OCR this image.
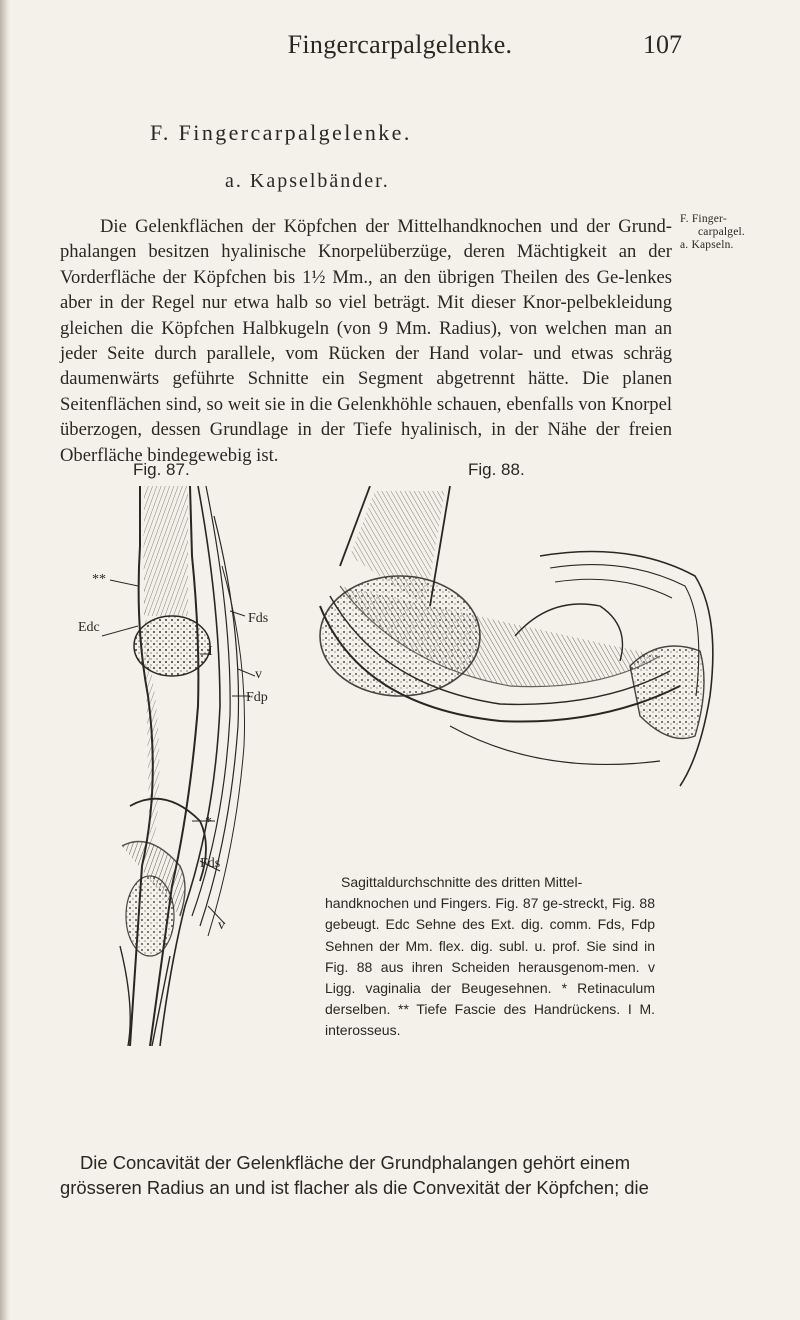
Fingercarpalgelenke.	107
F. Fingercarpalgelenke.
a. Kapselbänder.

Die Gelenkflächen der Köpfchen der Mittelhandknochen und der Grund-phalangen besitzen hyalinische Knorpelüberzüge, deren Mächtigkeit an der Vorderfläche der Köpfchen bis 1½ Mm., an den übrigen Theilen des Ge-lenkes aber in der Regel nur etwa halb so viel beträgt. Mit dieser Knor-pelbekleidung gleichen die Köpfchen Halbkugeln (von 9 Mm. Radius), von welchen man an jeder Seite durch parallele, vom Rücken der Hand volar- und etwas schräg daumenwärts geführte Schnitte ein Segment abgetrennt hätte. Die planen Seitenflächen sind, so weit sie in die Gelenkhöhle schauen, ebenfalls von Knorpel überzogen, dessen Grundlage in der Tiefe hyalinisch, in der Nähe der freien Oberfläche bindegewebig ist.

F. Finger-
carpalgel.
a. Kapseln.
Fig. 87.	Fig. 88.
**
Edc
I
Fds
v
Fdp
*
Fds
v
Sagittaldurchschnitte des dritten Mittel-
handknochen und Fingers. Fig. 87 ge-streckt, Fig. 88 gebeugt. Edc Sehne des Ext. dig. comm. Fds, Fdp Sehnen der Mm. flex. dig. subl. u. prof. Sie sind in Fig. 88 aus ihren Scheiden herausgenom-men. v Ligg. vaginalia der Beugesehnen. * Retinaculum derselben. ** Tiefe Fascie des Handrückens. I M. interosseus.

Die Concavität der Gelenkfläche der Grundphalangen gehört einem

grösseren Radius an und ist flacher als die Convexität der Köpfchen; die
